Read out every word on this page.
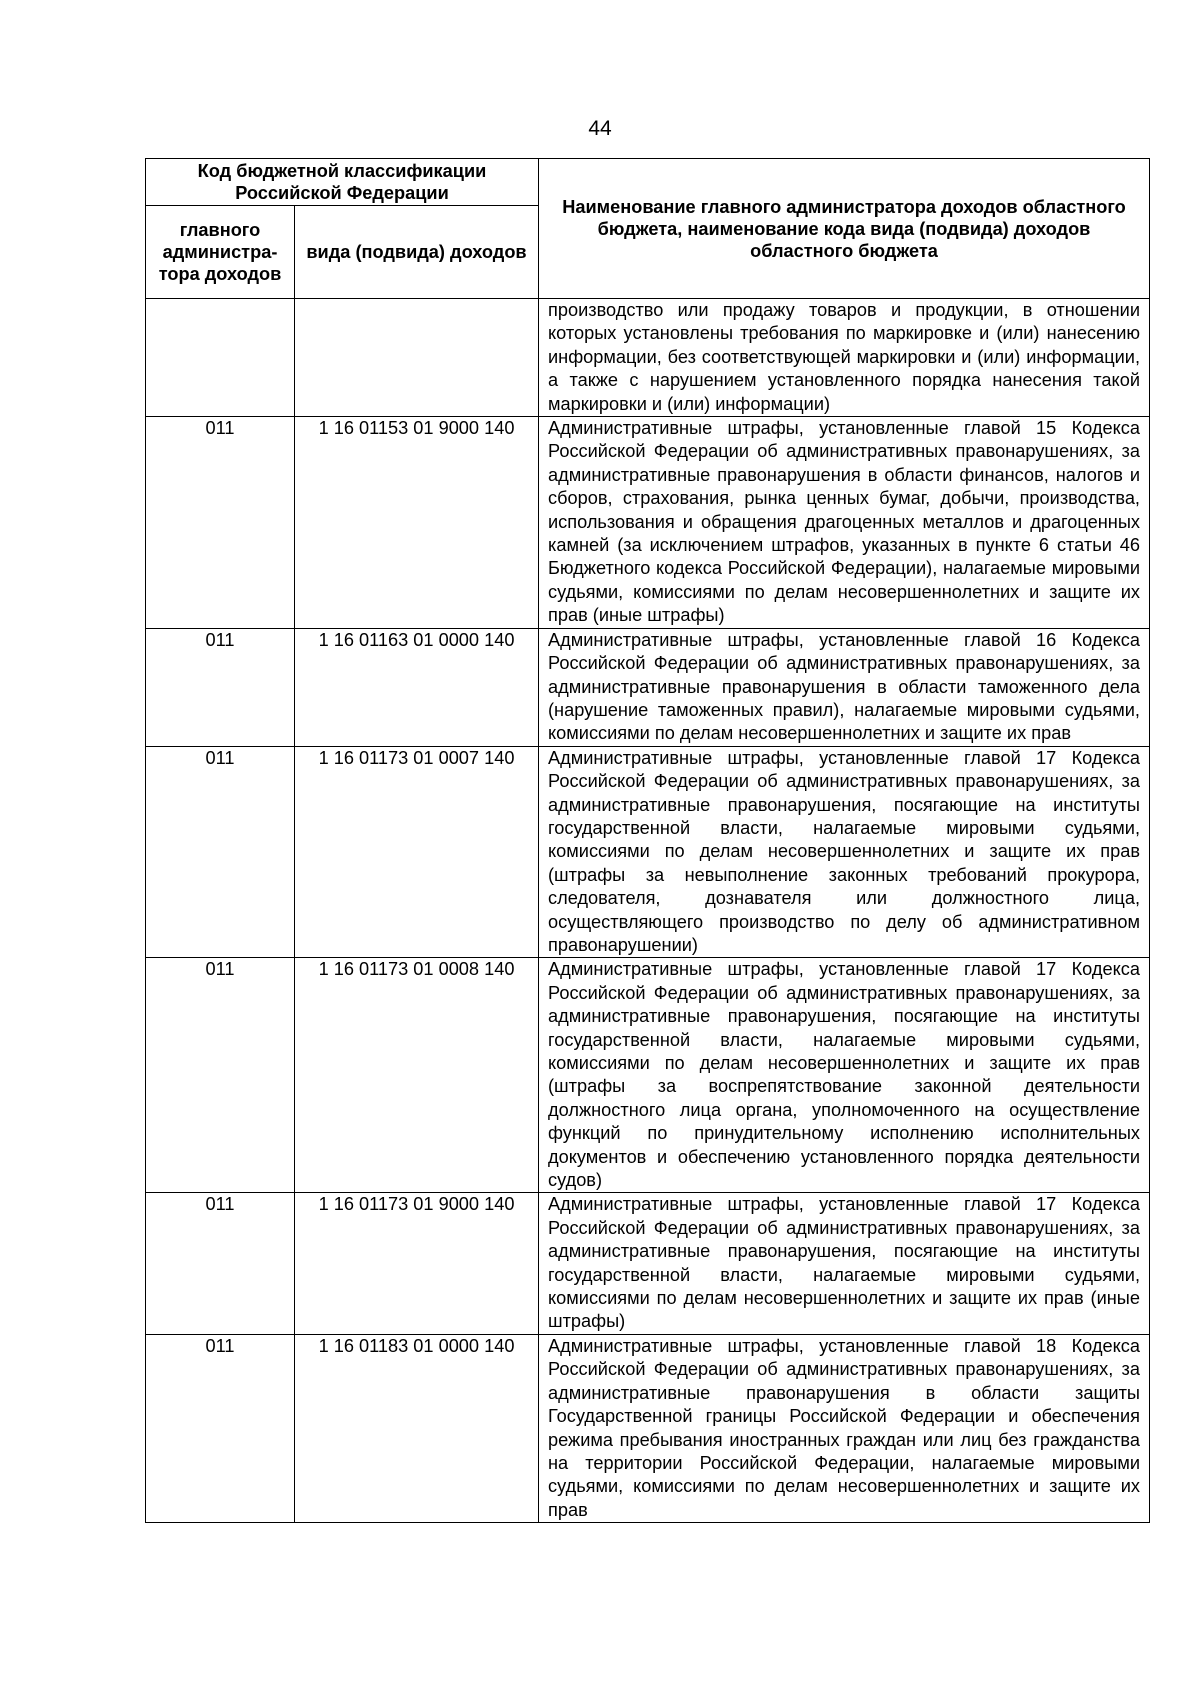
44
Код бюджетной классификации Российской Федерации		Наименование главного администратора доходов областного бюджета, наименование кода вида (подвида) доходов областного бюджета
главного администра-тора доходов	вида (подвида) доходов	
		производство или продажу товаров и продукции, в отношении которых установлены требования по маркировке и (или) нанесению информации, без соответствующей маркировки и (или) информации, а также с нарушением установленного порядка нанесения такой маркировки и (или) информации)
011	1 16 01153 01 9000 140	Административные штрафы, установленные главой 15 Кодекса Российской Федерации об административных правонарушениях, за административные правонарушения в области финансов, налогов и сборов, страхования, рынка ценных бумаг, добычи, производства, использования и обращения драгоценных металлов и драгоценных камней (за исключением штрафов, указанных в пункте 6 статьи 46 Бюджетного кодекса Российской Федерации), налагаемые мировыми судьями, комиссиями по делам несовершеннолетних и защите их прав (иные штрафы)
011	1 16 01163 01 0000 140	Административные штрафы, установленные главой 16 Кодекса Российской Федерации об административных правонарушениях, за административные правонарушения в области таможенного дела (нарушение таможенных правил), налагаемые мировыми судьями, комиссиями по делам несовершеннолетних и защите их прав
011	1 16 01173 01 0007 140	Административные штрафы, установленные главой 17 Кодекса Российской Федерации об административных правонарушениях, за административные правонарушения, посягающие на институты государственной власти, налагаемые мировыми судьями, комиссиями по делам несовершеннолетних и защите их прав (штрафы за невыполнение законных требований прокурора, следователя, дознавателя или должностного лица, осуществляющего производство по делу об административном правонарушении)
011	1 16 01173 01 0008 140	Административные штрафы, установленные главой 17 Кодекса Российской Федерации об административных правонарушениях, за административные правонарушения, посягающие на институты государственной власти, налагаемые мировыми судьями, комиссиями по делам несовершеннолетних и защите их прав (штрафы за воспрепятствование законной деятельности должностного лица органа, уполномоченного на осуществление функций по принудительному исполнению исполнительных документов и обеспечению установленного порядка деятельности судов)
011	1 16 01173 01 9000 140	Административные штрафы, установленные главой 17 Кодекса Российской Федерации об административных правонарушениях, за административные правонарушения, посягающие на институты государственной власти, налагаемые мировыми судьями, комиссиями по делам несовершеннолетних и защите их прав (иные штрафы)
011	1 16 01183 01 0000 140	Административные штрафы, установленные главой 18 Кодекса Российской Федерации об административных правонарушениях, за административные правонарушения в области защиты Государственной границы Российской Федерации и обеспечения режима пребывания иностранных граждан или лиц без гражданства на территории Российской Федерации, налагаемые мировыми судьями, комиссиями по делам несовершеннолетних и защите их прав
